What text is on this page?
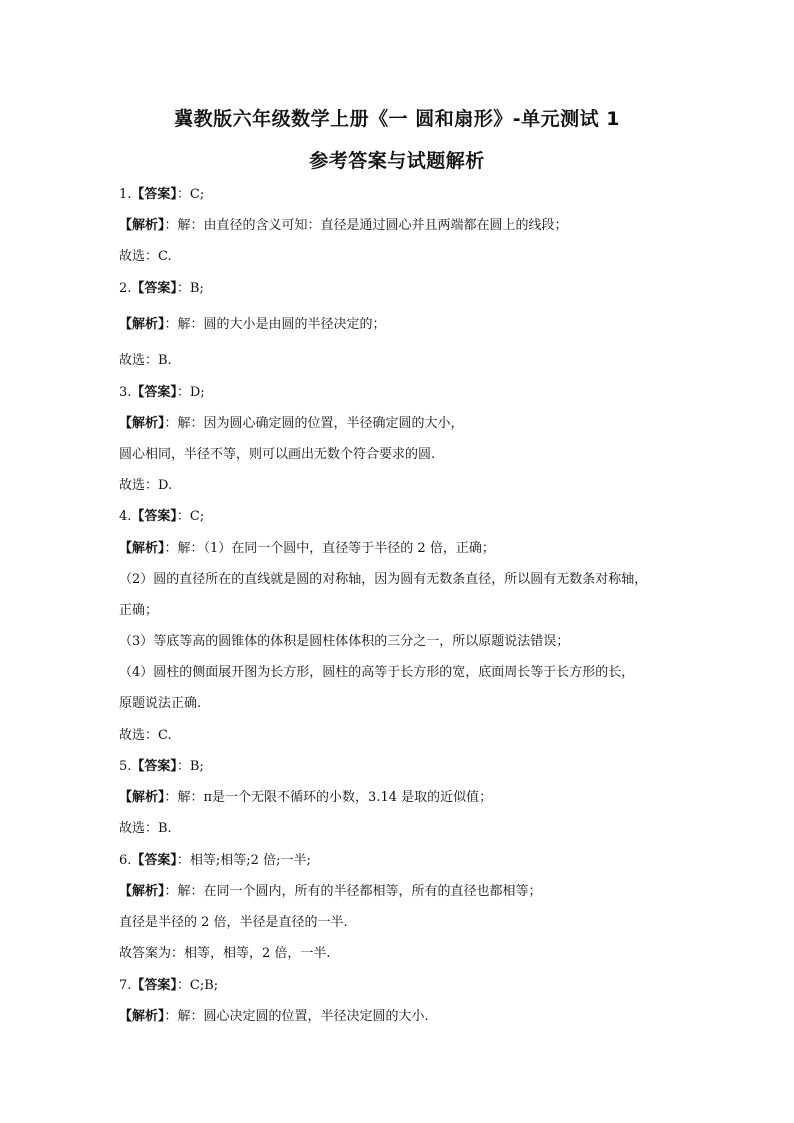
冀教版六年级数学上册《一 圆和扇形》-单元测试 1
参考答案与试题解析
1.【答案】：C;
【解析】：解：由直径的含义可知：直径是通过圆心并且两端都在圆上的线段；
故选：C.
2.【答案】：B;
【解析】：解：圆的大小是由圆的半径决定的；
故选：B.
3.【答案】：D;
【解析】：解：因为圆心确定圆的位置，半径确定圆的大小，
圆心相同，半径不等，则可以画出无数个符合要求的圆.
故选：D.
4.【答案】：C;
【解析】：解：（1）在同一个圆中，直径等于半径的 2 倍，正确；
（2）圆的直径所在的直线就是圆的对称轴，因为圆有无数条直径，所以圆有无数条对称轴，
正确；
（3）等底等高的圆锥体的体积是圆柱体体积的三分之一，所以原题说法错误；
（4）圆柱的侧面展开图为长方形，圆柱的高等于长方形的宽，底面周长等于长方形的长，
原题说法正确.
故选：C.
5.【答案】：B;
【解析】：解：π是一个无限不循环的小数，3.14 是取的近似值；
故选：B.
6.【答案】：相等;相等;2 倍;一半;
【解析】：解：在同一个圆内，所有的半径都相等，所有的直径也都相等；
直径是半径的 2 倍，半径是直径的一半.
故答案为：相等，相等，2 倍，一半.
7.【答案】：C;B;
【解析】：解：圆心决定圆的位置，半径决定圆的大小.
